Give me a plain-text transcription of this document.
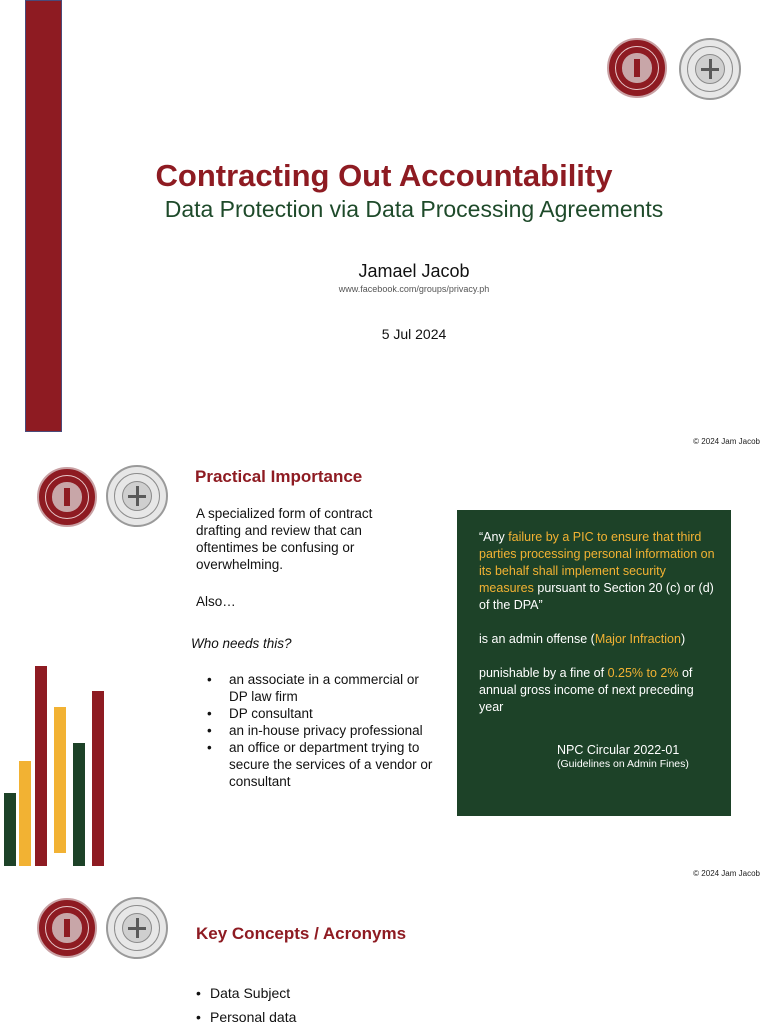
Contracting Out Accountability
Data Protection via Data Processing Agreements
Jamael Jacob
www.facebook.com/groups/privacy.ph
5 Jul 2024
© 2024 Jam Jacob
Practical Importance
A specialized form of contract drafting and review that can oftentimes be confusing or overwhelming.
Also…
Who needs this?
• an associate in a commercial or DP law firm
• DP consultant
• an in-house privacy professional
• an office or department trying to secure the services of a vendor or consultant

“Any failure by a PIC to ensure that third parties processing personal information on its behalf shall implement security measures pursuant to Section 20 (c) or (d) of the DPA”

is an admin offense (Major Infraction)

punishable by a fine of 0.25% to 2% of annual gross income of next preceding year

NPC Circular 2022-01
(Guidelines on Admin Fines)
© 2024 Jam Jacob
Key Concepts / Acronyms
• Data Subject
• Personal data
